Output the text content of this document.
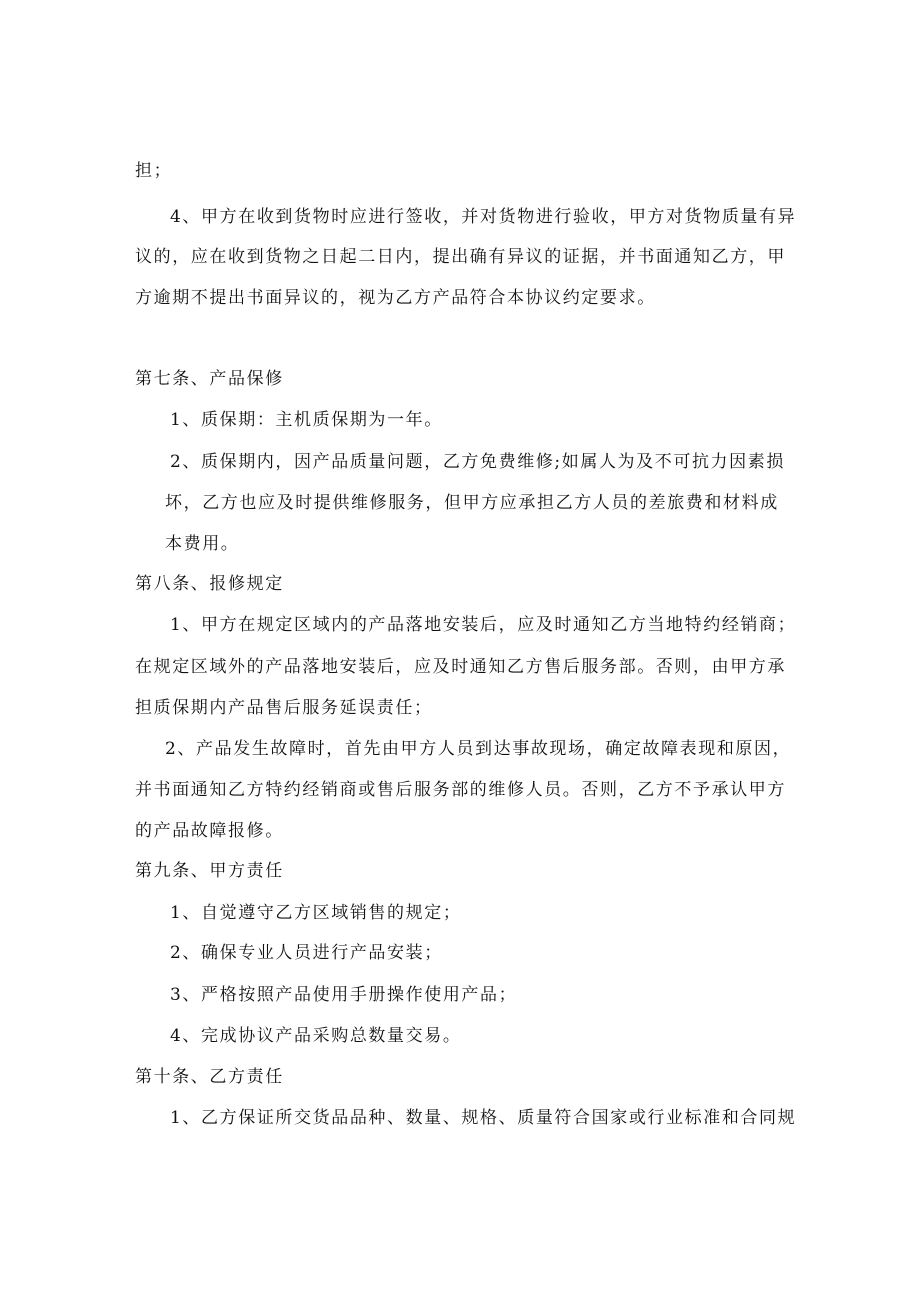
担；
4、甲方在收到货物时应进行签收，并对货物进行验收，甲方对货物质量有异
议的，应在收到货物之日起二日内，提出确有异议的证据，并书面通知乙方，甲
方逾期不提出书面异议的，视为乙方产品符合本协议约定要求。
第七条、产品保修
1、质保期：主机质保期为一年。
2、质保期内，因产品质量问题，乙方免费维修;如属人为及不可抗力因素损
坏，乙方也应及时提供维修服务，但甲方应承担乙方人员的差旅费和材料成
本费用。
第八条、报修规定
1、甲方在规定区域内的产品落地安装后，应及时通知乙方当地特约经销商；
在规定区域外的产品落地安装后，应及时通知乙方售后服务部。否则，由甲方承
担质保期内产品售后服务延误责任；
2、产品发生故障时，首先由甲方人员到达事故现场，确定故障表现和原因，
并书面通知乙方特约经销商或售后服务部的维修人员。否则，乙方不予承认甲方
的产品故障报修。
第九条、甲方责任
1、自觉遵守乙方区域销售的规定；
2、确保专业人员进行产品安装；
3、严格按照产品使用手册操作使用产品；
4、完成协议产品采购总数量交易。
第十条、乙方责任
1、乙方保证所交货品品种、数量、规格、质量符合国家或行业标准和合同规
